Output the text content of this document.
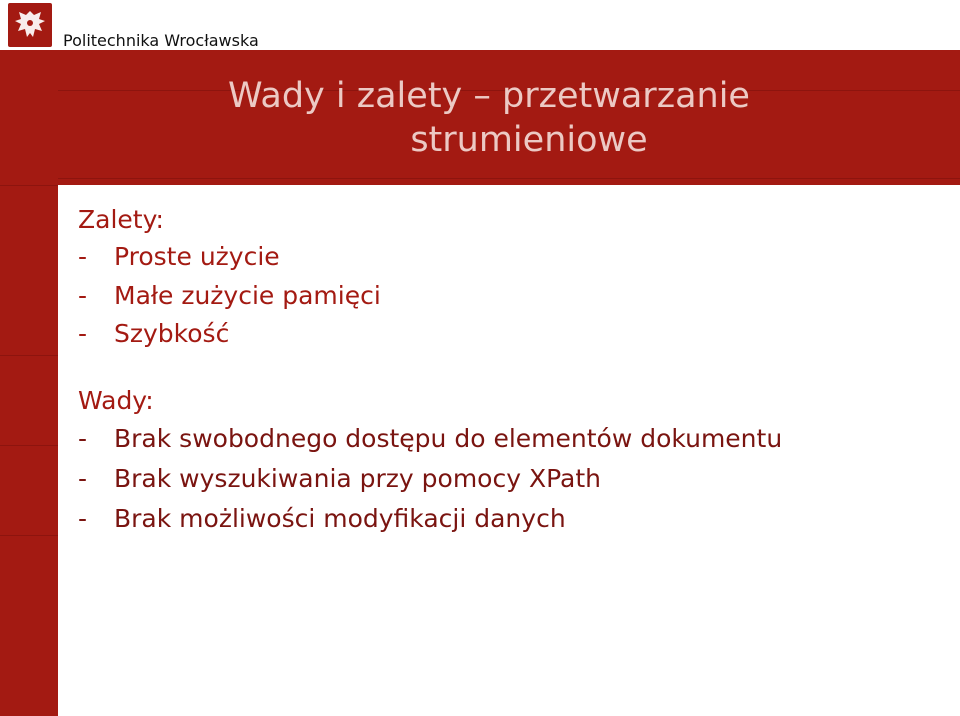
Politechnika Wrocławska
Wady i zalety – przetwarzanie
strumieniowe

Zalety:

-	Proste użycie
-	Małe zużycie pamięci
-	Szybkość

Wady:

-	Brak swobodnego dostępu do elementów dokumentu
-	Brak wyszukiwania przy pomocy XPath
-	Brak możliwości modyfikacji danych
